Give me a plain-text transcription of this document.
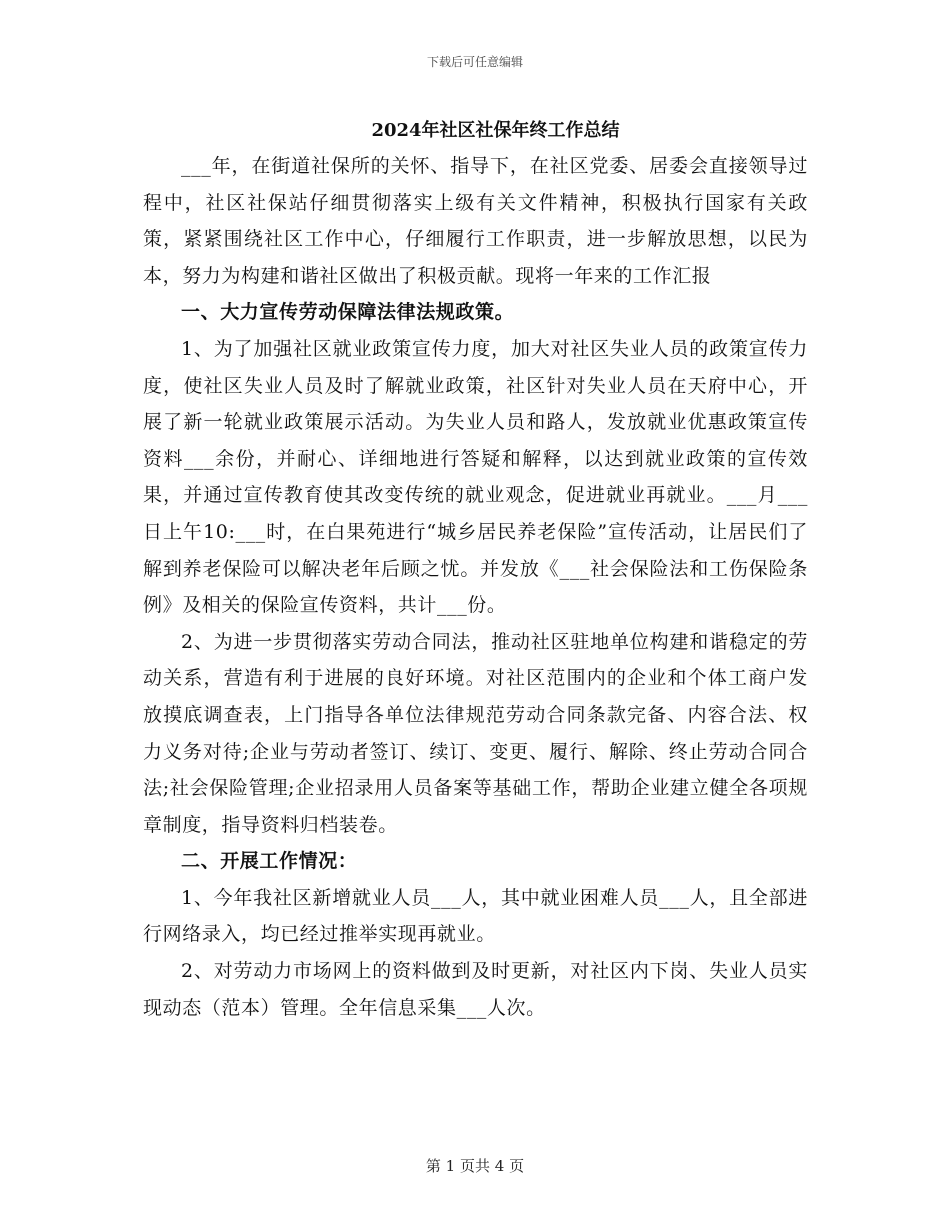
下载后可任意编辑
2024年社区社保年终工作总结

___年，在街道社保所的关怀、指导下，在社区党委、居委会直接领导过程中，社区社保站仔细贯彻落实上级有关文件精神，积极执行国家有关政策，紧紧围绕社区工作中心，仔细履行工作职责，进一步解放思想，以民为本，努力为构建和谐社区做出了积极贡献。现将一年来的工作汇报

一、大力宣传劳动保障法律法规政策。

1、为了加强社区就业政策宣传力度，加大对社区失业人员的政策宣传力度，使社区失业人员及时了解就业政策，社区针对失业人员在天府中心，开展了新一轮就业政策展示活动。为失业人员和路人，发放就业优惠政策宣传资料___余份，并耐心、详细地进行答疑和解释，以达到就业政策的宣传效果，并通过宣传教育使其改变传统的就业观念，促进就业再就业。___月___日上午10:___时，在白果苑进行“城乡居民养老保险”宣传活动，让居民们了解到养老保险可以解决老年后顾之忧。并发放《___社会保险法和工伤保险条例》及相关的保险宣传资料，共计___份。

2、为进一步贯彻落实劳动合同法，推动社区驻地单位构建和谐稳定的劳动关系，营造有利于进展的良好环境。对社区范围内的企业和个体工商户发放摸底调查表，上门指导各单位法律规范劳动合同条款完备、内容合法、权力义务对待;企业与劳动者签订、续订、变更、履行、解除、终止劳动合同合法;社会保险管理;企业招录用人员备案等基础工作，帮助企业建立健全各项规章制度，指导资料归档装卷。

二、开展工作情况：

1、今年我社区新增就业人员___人，其中就业困难人员___人，且全部进行网络录入，均已经过推举实现再就业。

2、对劳动力市场网上的资料做到及时更新，对社区内下岗、失业人员实现动态（范本）管理。全年信息采集___人次。

第 1 页共 4 页
